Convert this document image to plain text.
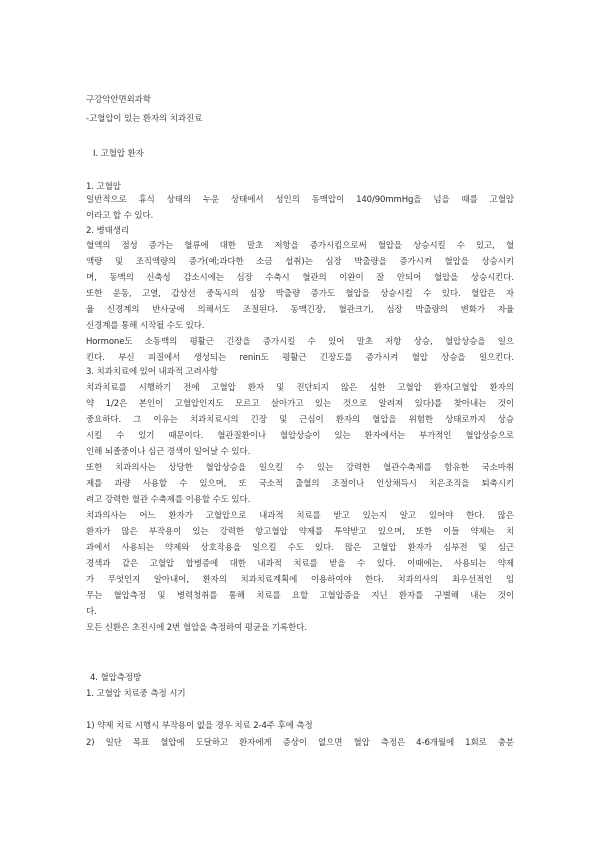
구강악안면외과학
-고혈압이 있는 환자의 치과진료
Ⅰ. 고혈압 환자
1. 고혈압
일반적으로 휴식 상태의 누운 상태에서 성인의 동맥압이 140/90mmHg을 넘을 때를 고혈압
이라고 할 수 있다.
2. 병태생리
혈액의 점성 증가는 혈류에 대한 말초 저항을 증가시킴으로써 혈압을 상승시킬 수 있고, 혈
액량 및 조직액량의 증가(예;과다한 소금 섭취)는 심장 박출량을 증가시켜 혈압을 상승시키
며, 동맥의 신축성 감소시에는 심장 수축시 혈관의 이완이 잘 안되어 혈압을 상승시킨다.
또한 운동, 고열, 갑상선 중독시의 심장 박출량 증가도 혈압을 상승시킬 수 있다. 혈압은 자
율 신경계의 반사궁에 의해서도 조절된다. 동맥긴장, 혈관크기, 심장 박출량의 변화가 자율
신경계를 통해 시작될 수도 있다.
Hormone도 소동맥의 평활근 긴장을 증가시킬 수 있어 말초 저항 상승, 혈압상승을 일으
킨다. 부신 피질에서 생성되는 renin도 평활근 긴장도를 증가시켜 혈압 상승을 일으킨다.
3. 치과치료에 있어 내과적 고려사항
치과치료를 시행하기 전에 고혈압 환자 및 진단되지 않은 심한 고혈압 환자(고혈압 환자의
약 1/2은 본인이 고혈압인지도 모르고 살아가고 있는 것으로 알려져 있다)를 찾아내는 것이
중요하다. 그 이유는 치과치료시의 긴장 및 근심이 환자의 혈압을 위험한 상태로까지 상승
시킬 수 있기 때문이다. 혈관질환이나 혈압상승이 있는 환자에서는 부가적인 혈압상승으로
인해 뇌졸중이나 심근 경색이 일어날 수 있다.
또한 치과의사는 상당한 혈압상승을 일으킬 수 있는 강력한 혈관수축제를 함유한 국소마취
제를 과량 사용할 수 있으며, 또 국소적 출혈의 조절이나 인상채득시 치은조직을 퇴축시키
려고 강력한 혈관 수축제를 이용할 수도 있다.
치과의사는 어느 환자가 고혈압으로 내과적 치료를 받고 있는지 알고 있어야 한다. 많은
환자가 많은 부작용이 있는 강력한 항고혈압 약제를 투약받고 있으며, 또한 이들 약제는 치
과에서 사용되는 약제와 상호작용을 일으킬 수도 있다. 많은 고혈압 환자가 심부전 및 심근
경색과 같은 고혈압 합병증에 대한 내과적 치료를 받을 수 있다. 이때에는, 사용되는 약제
가 무엇인지 알아내어, 환자의 치과치료계획에 이용하여야 한다. 치과의사의 최우선적인 임
무는 혈압측정 및 병력청취를 통해 치료를 요할 고혈압증을 지닌 환자를 구별해 내는 것이
다.
모든 신환은 초진시에 2번 혈압을 측정하여 평균을 기록한다.
4. 혈압측정방
1. 고혈압 치료중 측정 시기
1) 약제 치료 시행시 부작용이 없을 경우 치료 2-4주 후에 측정
2) 일단 목표 혈압에 도달하고 환자에게 증상이 없으면 혈압 측정은 4-6개월에 1회로 충분
